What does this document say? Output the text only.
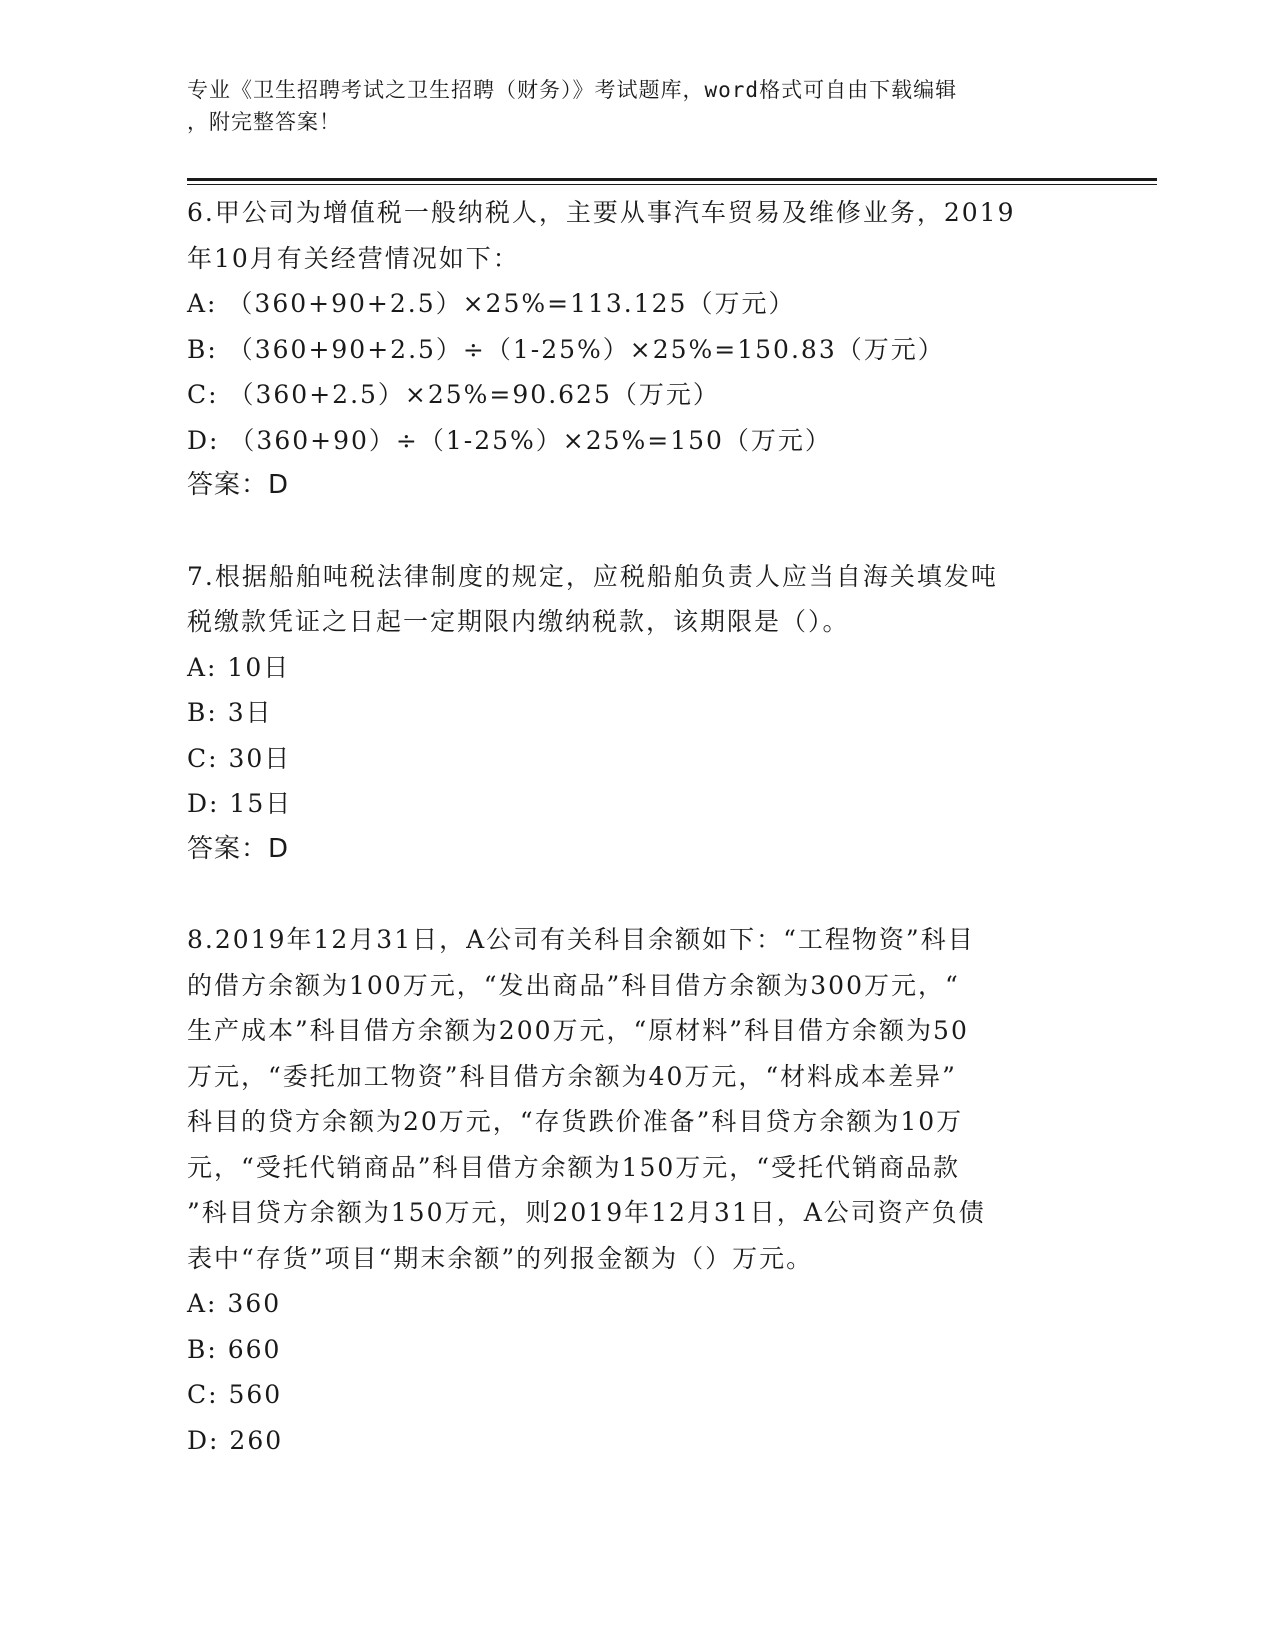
专业《卫生招聘考试之卫生招聘（财务）》考试题库，word格式可自由下载编辑
，附完整答案！
6.甲公司为增值税一般纳税人，主要从事汽车贸易及维修业务，2019
年10月有关经营情况如下：
A: （360+90+2.5）×25%=113.125（万元）
B: （360+90+2.5）÷（1-25%）×25%=150.83（万元）
C: （360+2.5）×25%=90.625（万元）
D: （360+90）÷（1-25%）×25%=150（万元）
答案：D
7.根据船舶吨税法律制度的规定，应税船舶负责人应当自海关填发吨
税缴款凭证之日起一定期限内缴纳税款，该期限是（）。
A: 10日
B: 3日
C: 30日
D: 15日
答案：D
8.2019年12月31日，A公司有关科目余额如下：“工程物资”科目
的借方余额为100万元，“发出商品”科目借方余额为300万元，“
生产成本”科目借方余额为200万元，“原材料”科目借方余额为50
万元，“委托加工物资”科目借方余额为40万元，“材料成本差异”
科目的贷方余额为20万元，“存货跌价准备”科目贷方余额为10万
元，“受托代销商品”科目借方余额为150万元，“受托代销商品款
”科目贷方余额为150万元，则2019年12月31日，A公司资产负债
表中“存货”项目“期末余额”的列报金额为（）万元。
A: 360
B: 660
C: 560
D: 260
